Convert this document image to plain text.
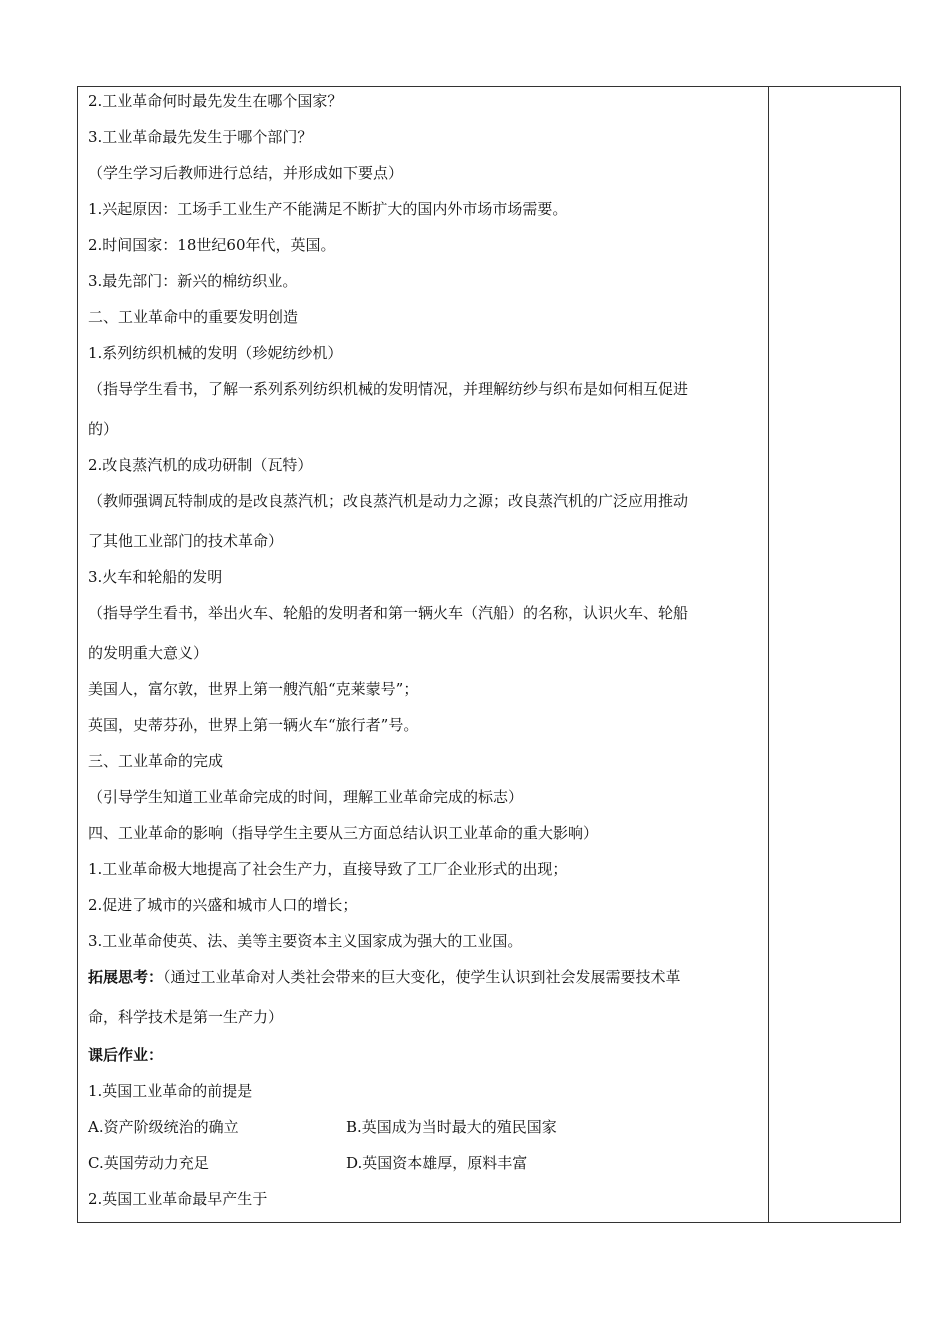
2.工业革命何时最先发生在哪个国家？
3.工业革命最先发生于哪个部门？
（学生学习后教师进行总结，并形成如下要点）
1.兴起原因：工场手工业生产不能满足不断扩大的国内外市场市场需要。
2.时间国家：18世纪60年代，英国。
3.最先部门：新兴的棉纺织业。
二、工业革命中的重要发明创造
1.系列纺织机械的发明（珍妮纺纱机）
（指导学生看书，了解一系列系列纺织机械的发明情况，并理解纺纱与织布是如何相互促进
的）
2.改良蒸汽机的成功研制（瓦特）
（教师强调瓦特制成的是改良蒸汽机；改良蒸汽机是动力之源；改良蒸汽机的广泛应用推动
了其他工业部门的技术革命）
3.火车和轮船的发明
（指导学生看书，举出火车、轮船的发明者和第一辆火车（汽船）的名称，认识火车、轮船
的发明重大意义）
美国人，富尔敦，世界上第一艘汽船“克莱蒙号”；
英国，史蒂芬孙，世界上第一辆火车“旅行者”号。
三、工业革命的完成
（引导学生知道工业革命完成的时间，理解工业革命完成的标志）
四、工业革命的影响（指导学生主要从三方面总结认识工业革命的重大影响）
1.工业革命极大地提高了社会生产力，直接导致了工厂企业形式的出现；
2.促进了城市的兴盛和城市人口的增长；
3.工业革命使英、法、美等主要资本主义国家成为强大的工业国。
拓展思考：（通过工业革命对人类社会带来的巨大变化，使学生认识到社会发展需要技术革
命，科学技术是第一生产力）
课后作业：
1.英国工业革命的前提是
A.资产阶级统治的确立	B.英国成为当时最大的殖民国家
C.英国劳动力充足	D.英国资本雄厚，原料丰富
2.英国工业革命最早产生于
